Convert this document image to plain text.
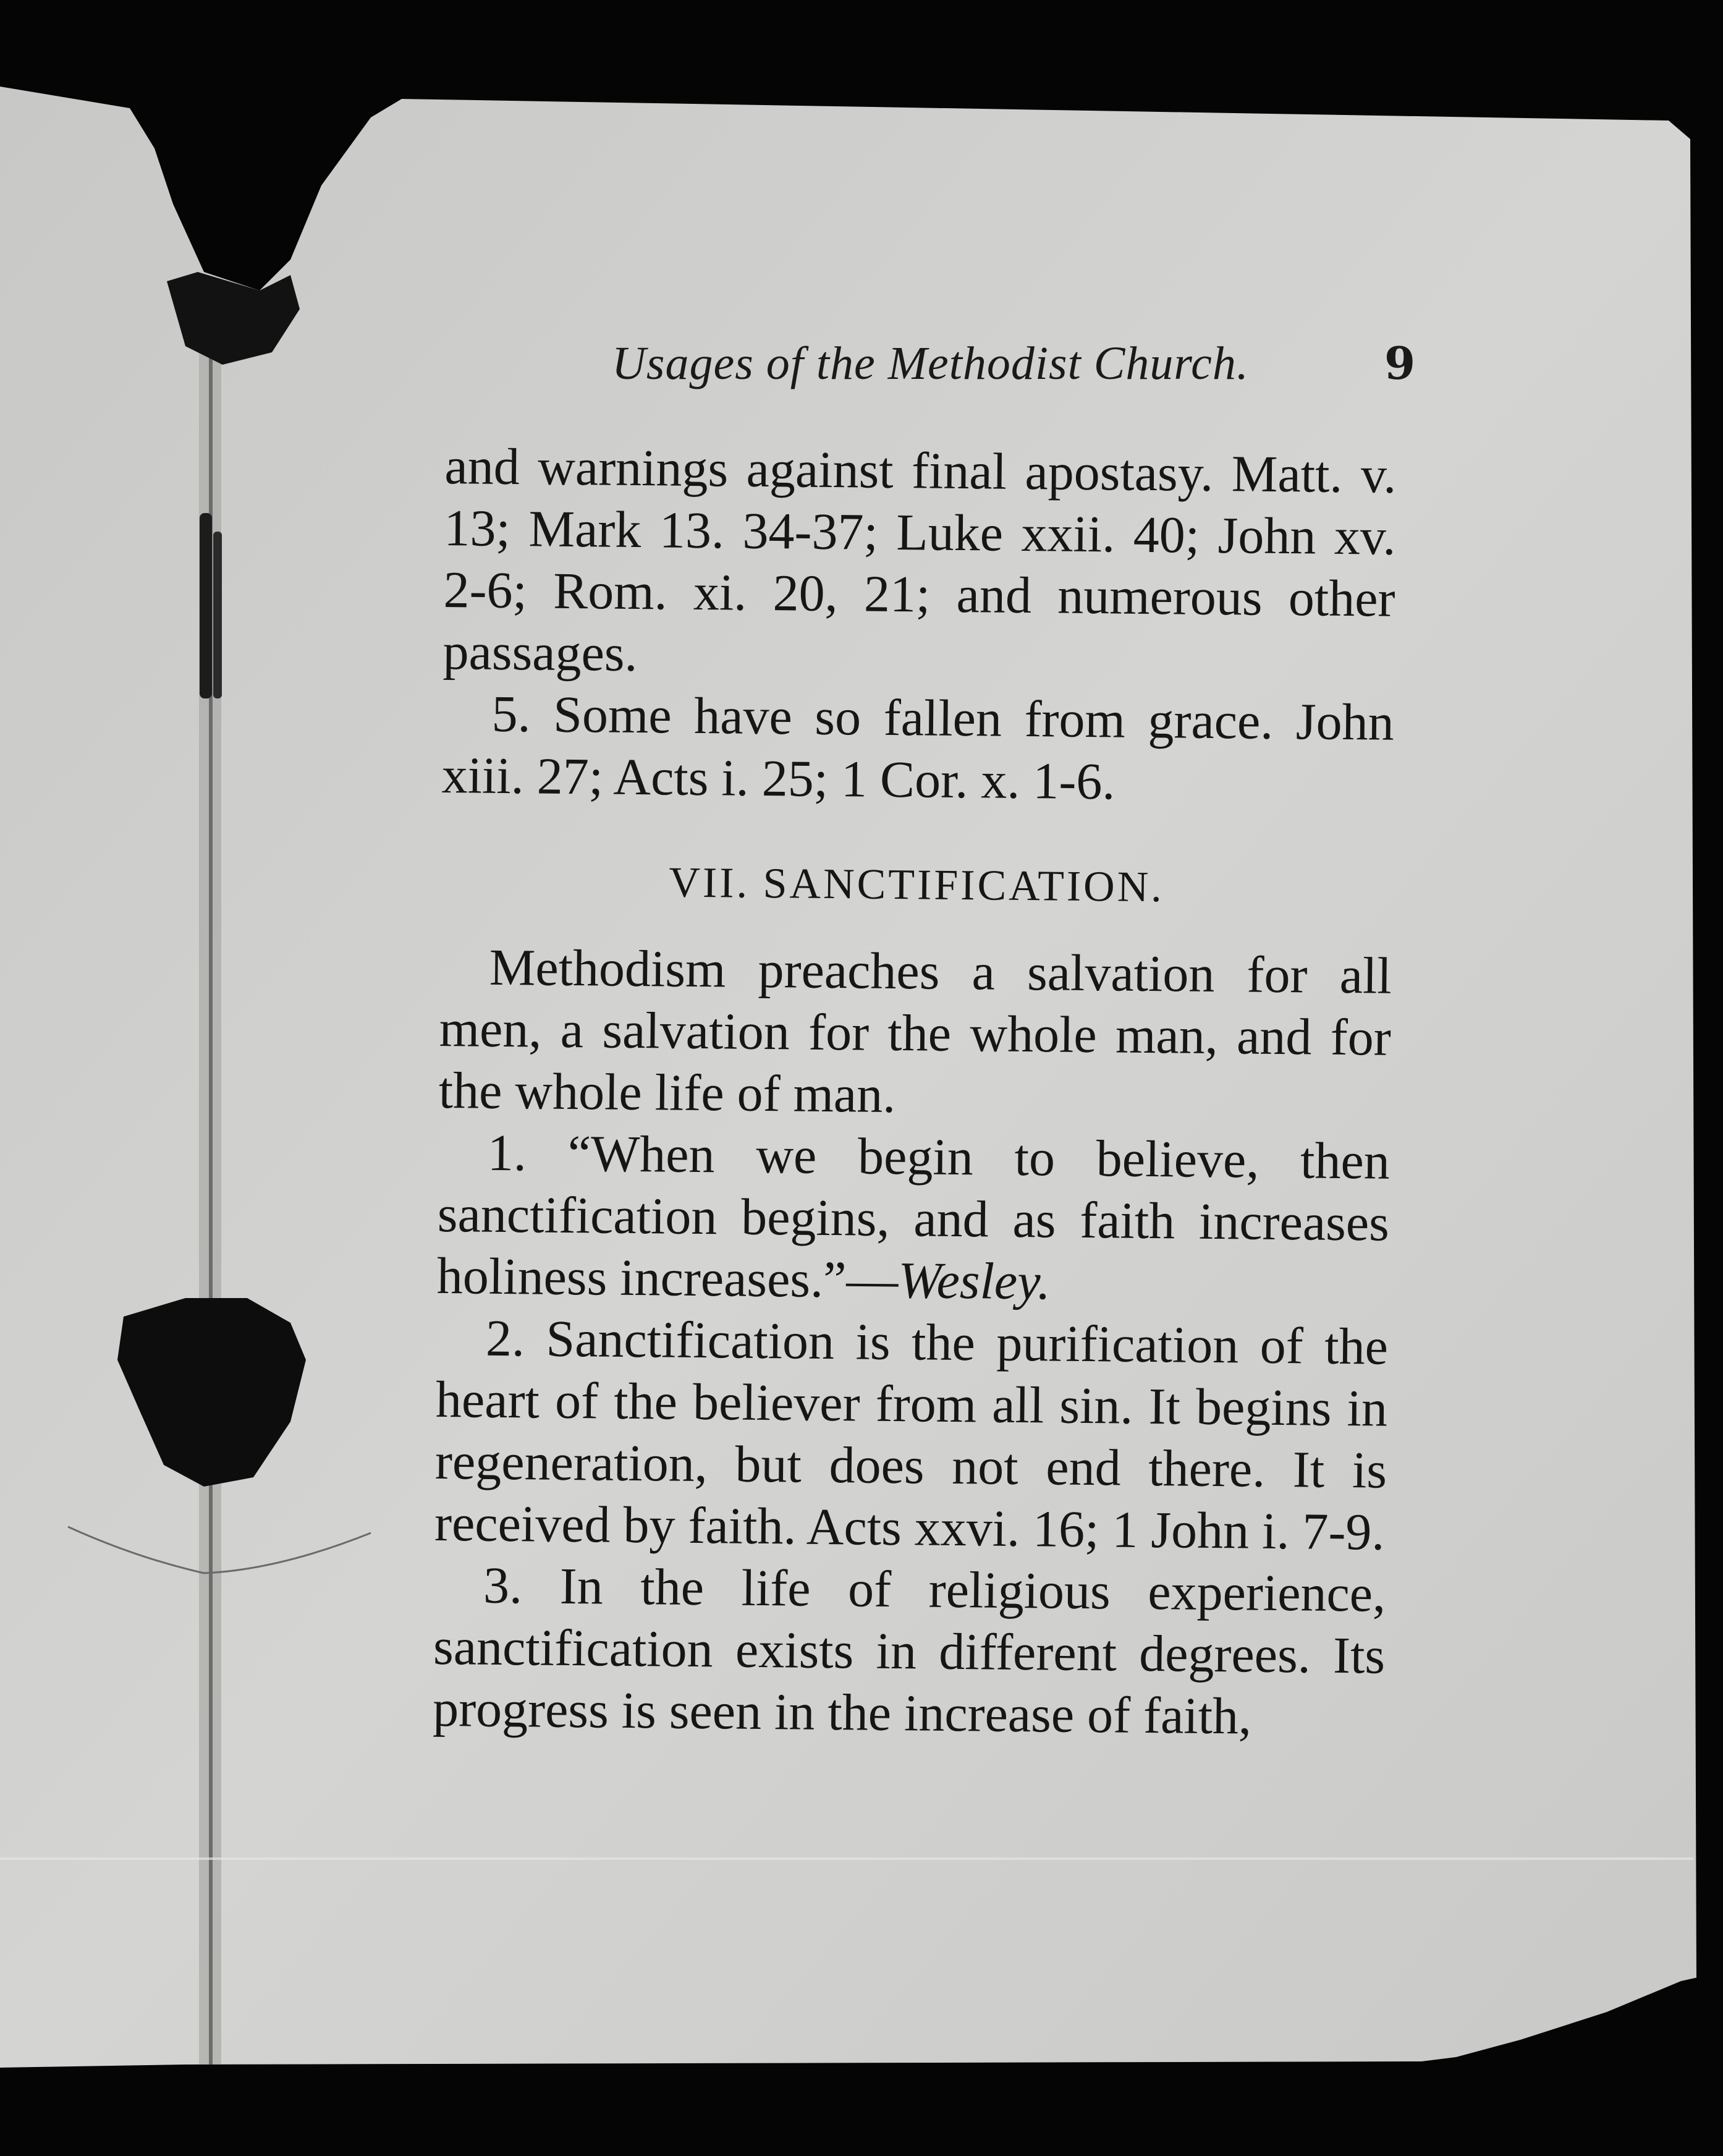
Usages of the Methodist Church.	9

and warnings against final apostasy. Matt. v. 13; Mark 13. 34-37; Luke xxii. 40; John xv. 2-6; Rom. xi. 20, 21; and numerous other passages.

5. Some have so fallen from grace. John xiii. 27; Acts i. 25; 1 Cor. x. 1-6.

VII. SANCTIFICATION.

Methodism preaches a salvation for all men, a salvation for the whole man, and for the whole life of man.

1. “When we begin to believe, then sanctification begins, and as faith increases holiness increases.”—Wesley.

2. Sanctification is the purification of the heart of the believer from all sin. It begins in regeneration, but does not end there. It is received by faith. Acts xxvi. 16; 1 John i. 7-9.

3. In the life of religious experience, sanctification exists in different degrees. Its progress is seen in the increase of faith,
